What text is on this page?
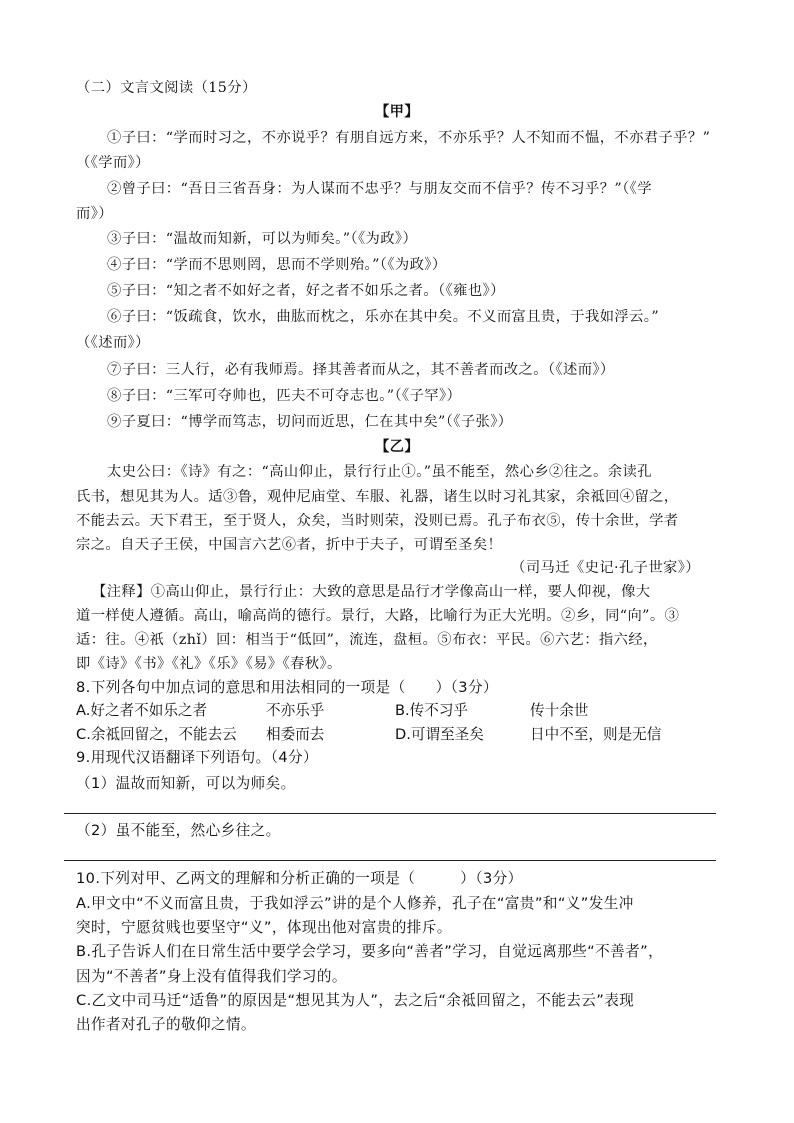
（二）文言文阅读（15分）
【甲】
①子曰：“学而时习之，不亦说乎？有朋自远方来，不亦乐乎？人不知而不愠，不亦君子乎？”
（《学而》）
②曾子曰：“吾日三省吾身：为人谋而不忠乎？与朋友交而不信乎？传不习乎？”（《学
而》）
③子曰：“温故而知新，可以为师矣。”（《为政》）
④子曰：“学而不思则罔，思而不学则殆。”（《为政》）
⑤子曰：“知之者不如好之者，好之者不如乐之者。（《雍也》）
⑥子曰：“饭疏食，饮水，曲肱而枕之，乐亦在其中矣。不义而富且贵，于我如浮云。”
（《述而》）
⑦子曰：三人行，必有我师焉。择其善者而从之，其不善者而改之。（《述而》）
⑧子曰：“三军可夺帅也，匹夫不可夺志也。”（《子罕》）
⑨子夏曰：“博学而笃志，切问而近思，仁在其中矣”（《子张》）
【乙】
太史公曰：《诗》有之：“高山仰止，景行行止①。”虽不能至，然心乡②往之。余读孔
氏书，想见其为人。适③鲁，观仲尼庙堂、车服、礼器，诸生以时习礼其家，余祗回④留之，
不能去云。天下君王，至于贤人，众矣，当时则荣，没则已焉。孔子布衣⑤，传十余世，学者
宗之。自天子王侯，中国言六艺⑥者，折中于夫子，可谓至圣矣！
（司马迁《史记·孔子世家》）
【注释】①高山仰止，景行行止：大致的意思是品行才学像高山一样，要人仰视，像大
道一样使人遵循。高山，喻高尚的德行。景行，大路，比喻行为正大光明。②乡，同“向”。③
适：往。④祇（zhǐ）回：相当于“低回”，流连，盘桓。⑤布衣：平民。⑥六艺：指六经，
即《诗》《书》《礼》《乐》《易》《春秋》。
8.下列各句中加点词的意思和用法相同的一项是（　　）（3分）
A.好之者不如乐之者	不亦乐乎	B.传不习乎	传十余世
C.余祗回留之，不能去云 相委而去	D.可谓至圣矣	日中不至，则是无信
9.用现代汉语翻译下列语句。（4分）
（1）温故而知新，可以为师矣。
（2）虽不能至，然心乡往之。
10.下列对甲、乙两文的理解和分析正确的一项是（　　　）（3分）
A.甲文中“不义而富且贵，于我如浮云”讲的是个人修养，孔子在“富贵”和“义”发生冲
突时，宁愿贫贱也要坚守“义”，体现出他对富贵的排斥。
B.孔子告诉人们在日常生活中要学会学习，要多向“善者”学习，自觉远离那些“不善者”，
因为“不善者”身上没有值得我们学习的。
C.乙文中司马迁“适鲁”的原因是“想见其为人”，去之后“余祗回留之，不能去云”表现
出作者对孔子的敬仰之情。
